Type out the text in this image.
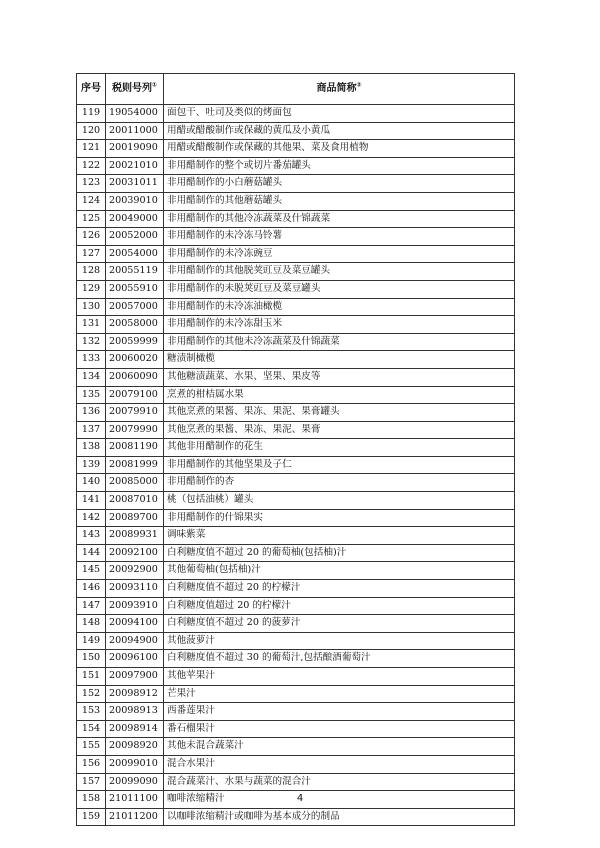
序号	税则号列①	商品简称②
119	19054000	面包干、吐司及类似的烤面包
120	20011000	用醋或醋酸制作或保藏的黄瓜及小黄瓜
121	20019090	用醋或醋酸制作或保藏的其他果、菜及食用植物
122	20021010	非用醋制作的整个或切片番茄罐头
123	20031011	非用醋制作的小白蘑菇罐头
124	20039010	非用醋制作的其他蘑菇罐头
125	20049000	非用醋制作的其他冷冻蔬菜及什锦蔬菜
126	20052000	非用醋制作的未冷冻马铃薯
127	20054000	非用醋制作的未冷冻豌豆
128	20055119	非用醋制作的其他脱荚豇豆及菜豆罐头
129	20055910	非用醋制作的未脱荚豇豆及菜豆罐头
130	20057000	非用醋制作的未冷冻油橄榄
131	20058000	非用醋制作的未冷冻甜玉米
132	20059999	非用醋制作的其他未冷冻蔬菜及什锦蔬菜
133	20060020	糖渍制橄榄
134	20060090	其他糖渍蔬菜、水果、坚果、果皮等
135	20079100	烹煮的柑桔属水果
136	20079910	其他烹煮的果酱、果冻、果泥、果膏罐头
137	20079990	其他烹煮的果酱、果冻、果泥、果膏
138	20081190	其他非用醋制作的花生
139	20081999	非用醋制作的其他坚果及子仁
140	20085000	非用醋制作的杏
141	20087010	桃（包括油桃）罐头
142	20089700	非用醋制作的什锦果实
143	20089931	调味紫菜
144	20092100	白利糖度值不超过 20 的葡萄柚(包括柚)汁
145	20092900	其他葡萄柚(包括柚)汁
146	20093110	白利糖度值不超过 20 的柠檬汁
147	20093910	白利糖度值超过 20 的柠檬汁
148	20094100	白利糖度值不超过 20 的菠萝汁
149	20094900	其他菠萝汁
150	20096100	白利糖度值不超过 30 的葡萄汁,包括酿酒葡萄汁
151	20097900	其他苹果汁
152	20098912	芒果汁
153	20098913	西番莲果汁
154	20098914	番石榴果汁
155	20098920	其他未混合蔬菜汁
156	20099010	混合水果汁
157	20099090	混合蔬菜汁、水果与蔬菜的混合汁
158	21011100	咖啡浓缩精汁
159	21011200	以咖啡浓缩精汁或咖啡为基本成分的制品
4
